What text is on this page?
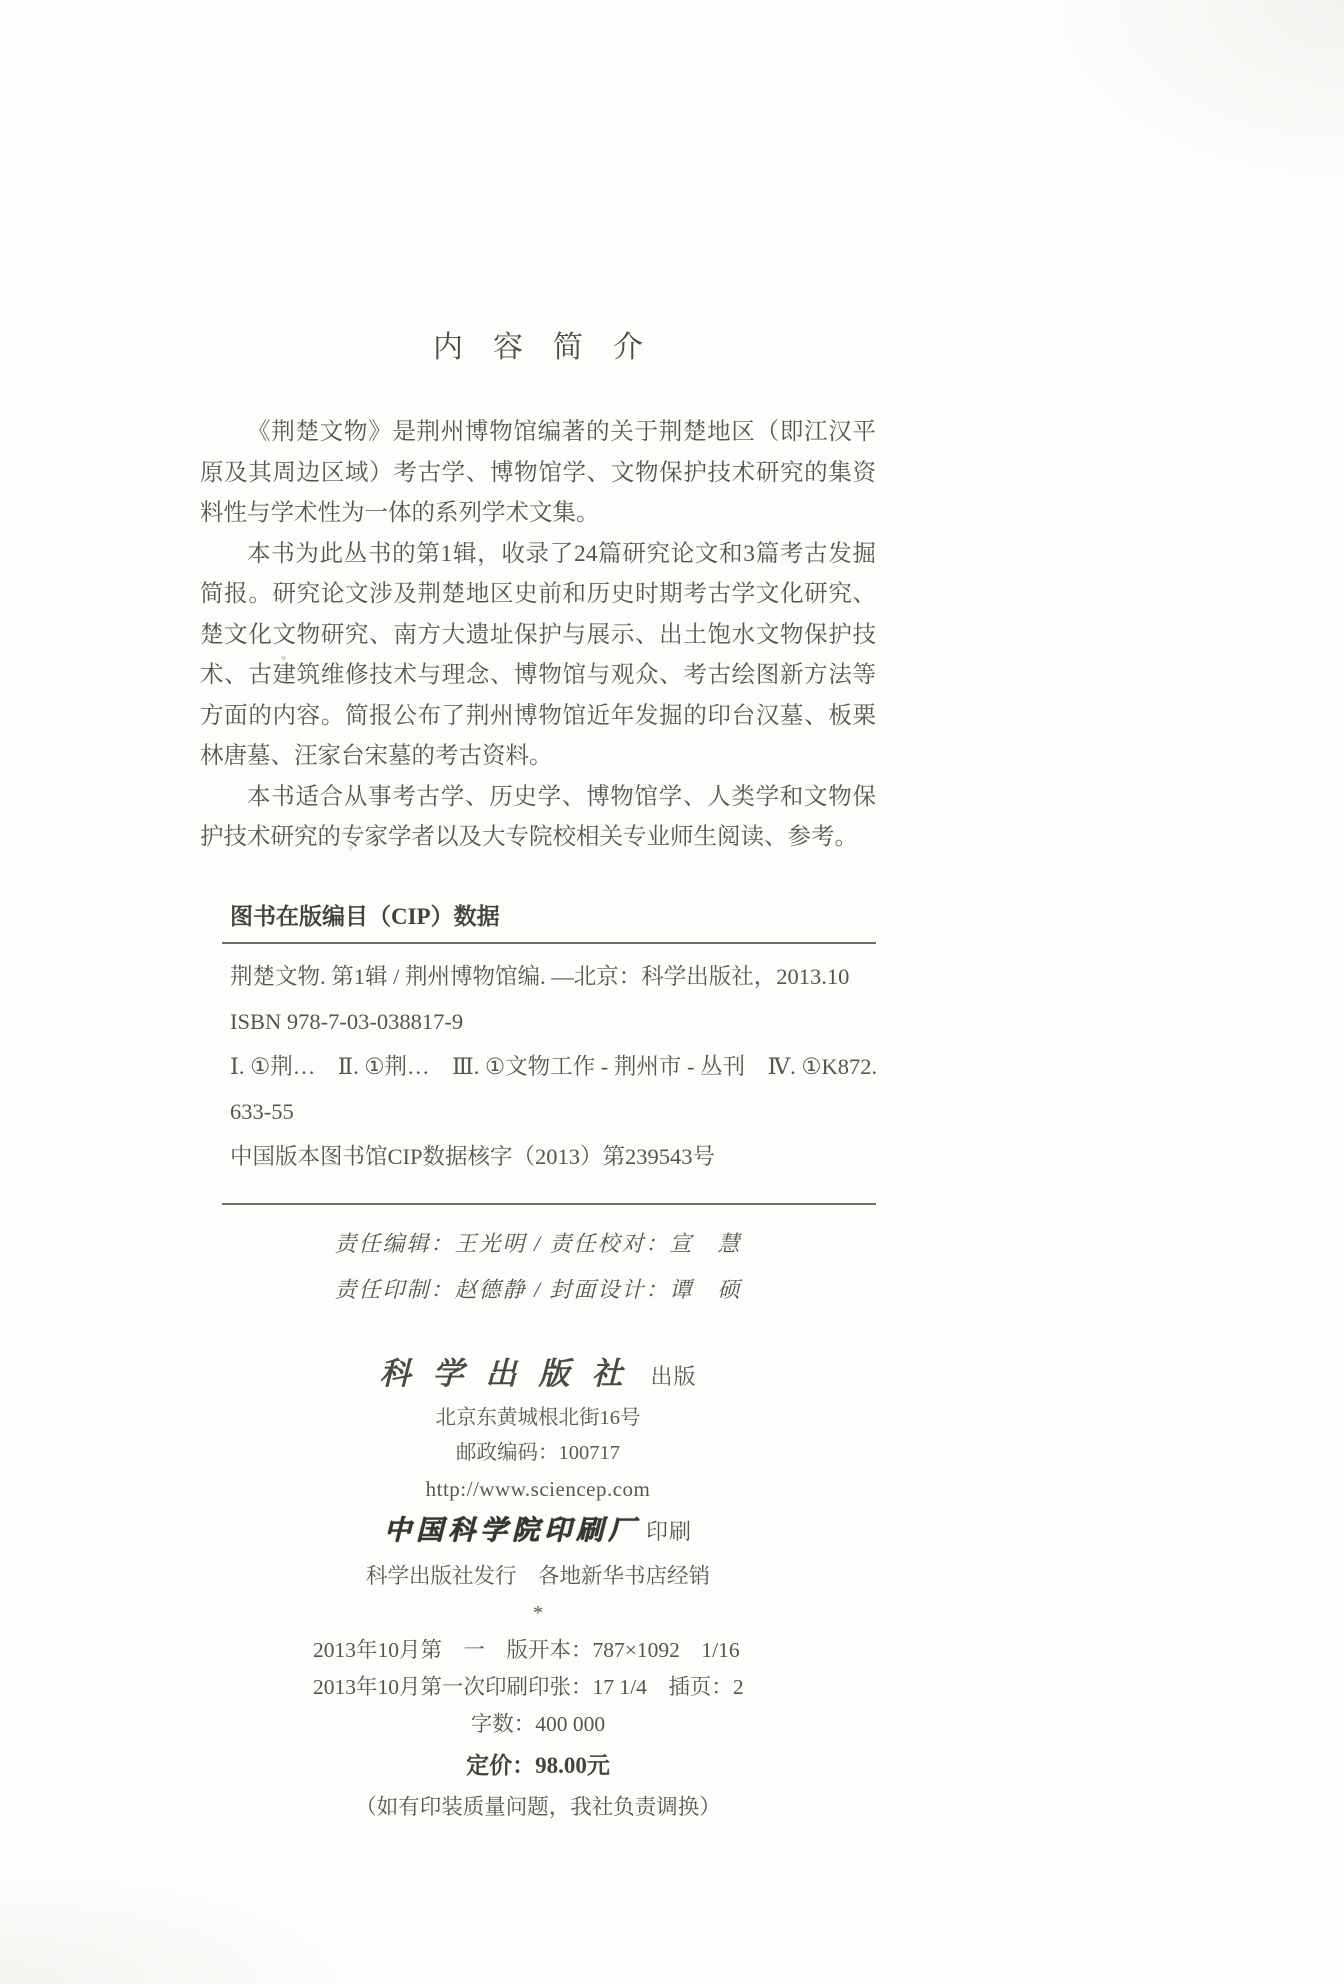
内容简介

《荆楚文物》是荆州博物馆编著的关于荆楚地区（即江汉平原及其周边区域）考古学、博物馆学、文物保护技术研究的集资料性与学术性为一体的系列学术文集。

本书为此丛书的第1辑，收录了24篇研究论文和3篇考古发掘简报。研究论文涉及荆楚地区史前和历史时期考古学文化研究、楚文化文物研究、南方大遗址保护与展示、出土饱水文物保护技术、古建筑维修技术与理念、博物馆与观众、考古绘图新方法等方面的内容。简报公布了荆州博物馆近年发掘的印台汉墓、板栗林唐墓、汪家台宋墓的考古资料。

本书适合从事考古学、历史学、博物馆学、人类学和文物保护技术研究的专家学者以及大专院校相关专业师生阅读、参考。

图书在版编目（CIP）数据
荆楚文物. 第1辑 / 荆州博物馆编. —北京：科学出版社，2013.10
ISBN 978-7-03-038817-9
Ⅰ. ①荆…　Ⅱ. ①荆…　Ⅲ. ①文物工作 - 荆州市 - 丛刊　Ⅳ. ①K872.
633-55
中国版本图书馆CIP数据核字（2013）第239543号
责任编辑：王光明 / 责任校对：宣　慧
责任印制：赵德静 / 封面设计：谭　硕
科学出版社 出版
北京东黄城根北街16号
邮政编码：100717
http://www.sciencep.com
中国科学院印刷厂 印刷
科学出版社发行　各地新华书店经销
*
2013年10月第　一　版 开本：787×1092　1/16
2013年10月第一次印刷 印张：17 1/4　插页：2
字数：400 000
定价：98.00元
（如有印装质量问题，我社负责调换）
